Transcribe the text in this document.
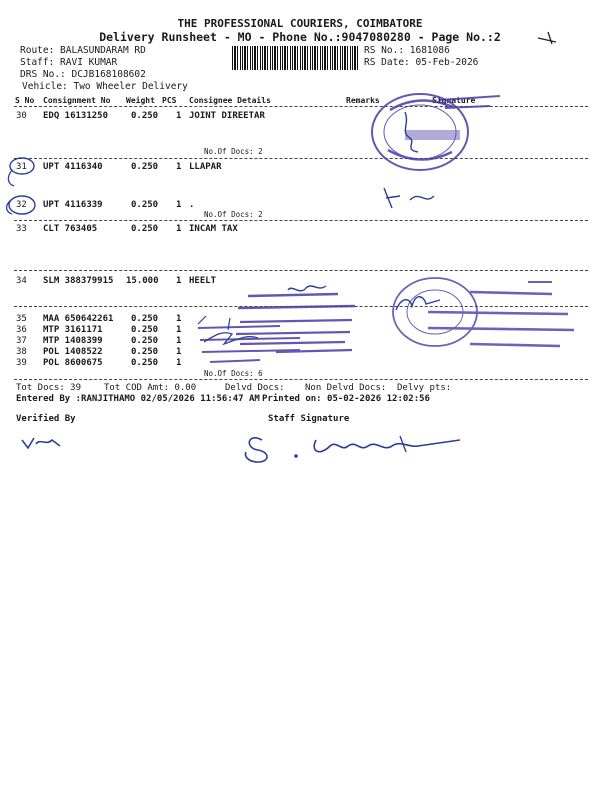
THE PROFESSIONAL COURIERS, COIMBATORE
Delivery Runsheet - MO - Phone No.:9047080280 - Page No.:2
Route: BALASUNDARAM RD
Staff: RAVI KUMAR
DRS No.: DCJB168108602
Vehicle: Two Wheeler Delivery
RS No.: 1681086
RS Date: 05-Feb-2026
S No Consignment No Weight PCS Consignee Details	Remarks	Signature
30 EDQ 16131250	0.250 1 JOINT DIREETAR
No.Of Docs: 2
31 UPT 4116340	0.250 1 LLAPAR
32 UPT 4116339	0.250 1 .
No.Of Docs: 2
33 CLT 763405	0.250 1 INCAM TAX
34 SLM 388379915 15.000 1 HEELT
35 MAA 650642261 0.250 1
36 MTP 3161171	0.250 1
37 MTP 1408399	0.250 1
38 POL 1408522	0.250 1
39 POL 8600675	0.250 1
No.Of Docs: 6
Tot Docs: 39	Tot COD Amt: 0.00	Delvd Docs: Non Delvd Docs: Delvy pts:
Entered By :RANJITHAMO 02/05/2026 11:56:47 AM Printed on: 05-02-2026 12:02:56
Verified By	Staff Signature
